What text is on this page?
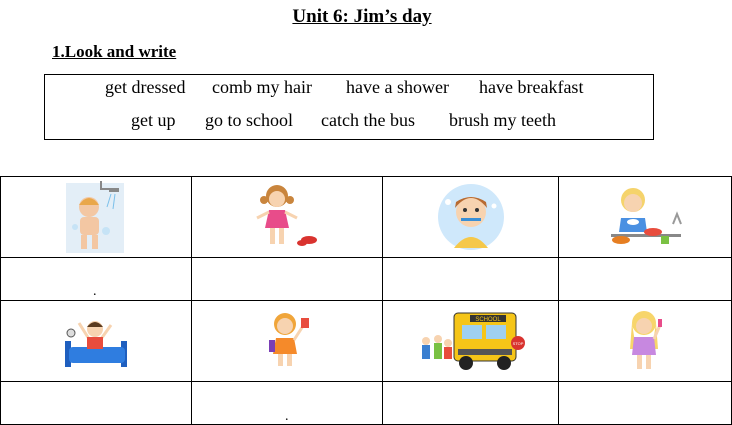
Unit 6: Jim’s day
1.Look and write
get dressed comb my hair have a shower have breakfast
get up go to school catch the bus brush my teeth

.			

SCHOOL
STOP

	.		
